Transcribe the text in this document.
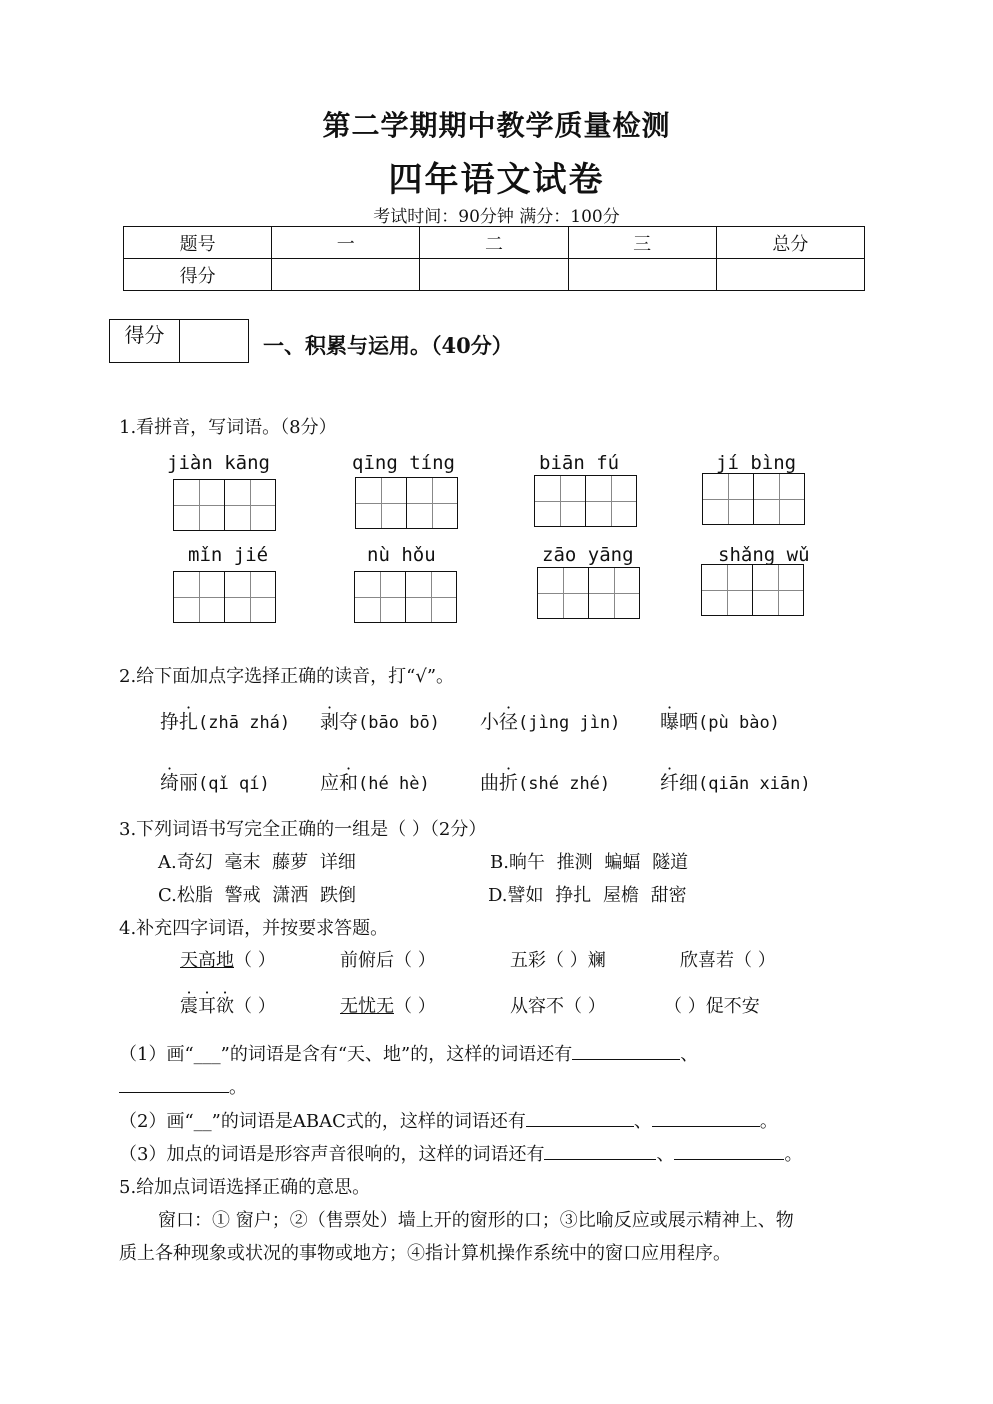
第二学期期中教学质量检测
四年语文试卷
考试时间：90分钟 满分：100分
题号	一	二	三	总分
得分				
得分	一、积累与运用。（40分）
1.看拼音，写词语。（8分）
jiàn kāng	qīng tíng	biān fú	jí bìng
mǐn jié	nù hǒu	zāo yāng	shǎng wǔ
2.给下面加点字选择正确的读音，打“√”。
挣扎(zhā zhá) 剥夺(bāo bō) 小径(jìng jìn) 曝晒(pù bào)
绮丽(qǐ qí)	应和(hé hè)	曲折(shé zhé)	纤细(qiān xiān)
3.下列词语书写完全正确的一组是（ ）（2分）
A.奇幻 毫末 藤萝 详细	B.晌午 推测 蝙蝠 隧道
C.松脂 警戒 潇洒 跌倒	D.譬如 挣扎 屋檐 甜密
4.补充四字词语，并按要求答题。
天高地（ ）	前俯后（ ）	五彩（ ）斓	欣喜若（ ）
震耳欲（ ）	无忧无（ ）	从容不（ ）	（ ）促不安
（1）画“___”的词语是含有“天、地”的，这样的词语还有	、
。
（2）画“__”的词语是ABAC式的，这样的词语还有	、	。
（3）加点的词语是形容声音很响的，这样的词语还有	、	。
5.给加点词语选择正确的意思。
窗口：① 窗户；②（售票处）墙上开的窗形的口；③比喻反应或展示精神上、物
质上各种现象或状况的事物或地方；④指计算机操作系统中的窗口应用程序。
